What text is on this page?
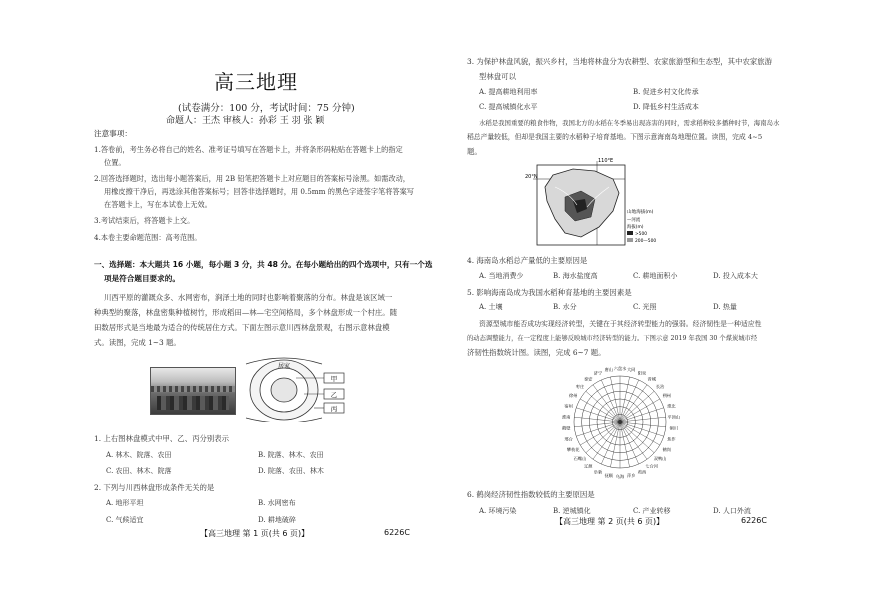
高三地理
(试卷满分：100 分，考试时间：75 分钟)
命题人：王杰 审核人：孙彩 王 羽 张 颖
注意事项：
1.答卷前，考生务必将自己的姓名、准考证号填写在答题卡上，并将条形码粘贴在答题卡上的指定
位置。
2.回答选择题时，选出每小题答案后，用 2B 铅笔把答题卡上对应题目的答案标号涂黑。如需改动，
用橡皮擦干净后，再选涂其他答案标号；回答非选择题时，用 0.5mm 的黑色字迹签字笔将答案写
在答题卡上，写在本试卷上无效。
3.考试结束后，将答题卡上交。
4.本卷主要命题范围：高考范围。
一、选择题：本大题共 16 小题，每小题 3 分，共 48 分。在每小题给出的四个选项中，只有一个选
项是符合题目要求的。
川西平原的灌溉众多、水网密布，涧泽土地的同时也影响着聚落的分布。林盘是该区域一
种典型的聚落，林盘密集种植树竹，形成稻田—林—宅空间格局，多个林盘形成一个村庄。随
田数居形式是当地最为适合的传统居住方式。下面左图示意川西林盘景观，右图示意林盘模
式。读图，完成 1~3 题。
居家
甲
乙
丙
1. 上右图林盘模式中甲、乙、丙分别表示
A. 林木、院落、农田	B. 院落、林木、农田
C. 农田、林木、院落	D. 院落、农田、林木
2. 下列与川西林盘形成条件无关的是
A. 地形平坦	B. 水网密布
C. 气候适宜	D. 耕地破碎
【高三地理 第 1 页(共 6 页)】	6226C
3. 为保护林盘风貌，振兴乡村，当地将林盘分为农耕型、农家旅游型和生态型，其中农家旅游
型林盘可以
A. 提高耕地利用率	B. 促进乡村文化传承
C. 提高城镇化水平	D. 降低乡村生活成本
水稻是我国重要的粮食作物，我国北方的水稻在冬季易出现冻害的同时，需求稻种较多播种时节，海南岛水
稻总产量较低，但却是我国主要的水稻种子培育基地。下图示意海南岛地理位置。读图，完成 4~5
题。
110°E
20°N
山地海拔(m)
—河流
海拔(m)
>500
200—500
4. 海南岛水稻总产量低的主要原因是
A. 当地消费少	B. 海水盐度高	C. 耕地面积小	D. 投入成本大
5. 影响海南岛成为我国水稻种育基地的主要因素是
A. 土壤	B. 水分	C. 光照	D. 热量
资源型城市能否成功实现经济转型，关键在于其经济转型能力的强弱。经济韧性是一种适应性
的动态调整能力，在一定程度上能够反映城市经济转型的能力。下图示意 2019 年我国 30 个煤炭城市经
济韧性指数统计图。读图，完成 6~7 题。
六盘水 大同
阳泉
晋城
长治
朔州
淮北
平顶山
铜川
焦作
鹤岗
双鸭山
七台河
鸡西
萍乡
乌海
抚顺
阜新
辽源
石嘴山
攀枝花
邢台
鹤壁
淮南
宿州
徐州
枣庄
泰安
济宁
唐山
6. 鹤岗经济韧性指数较低的主要原因是
A. 环境污染	B. 逆城镇化	C. 产业转移	D. 人口外流
【高三地理 第 2 页(共 6 页)】	6226C
